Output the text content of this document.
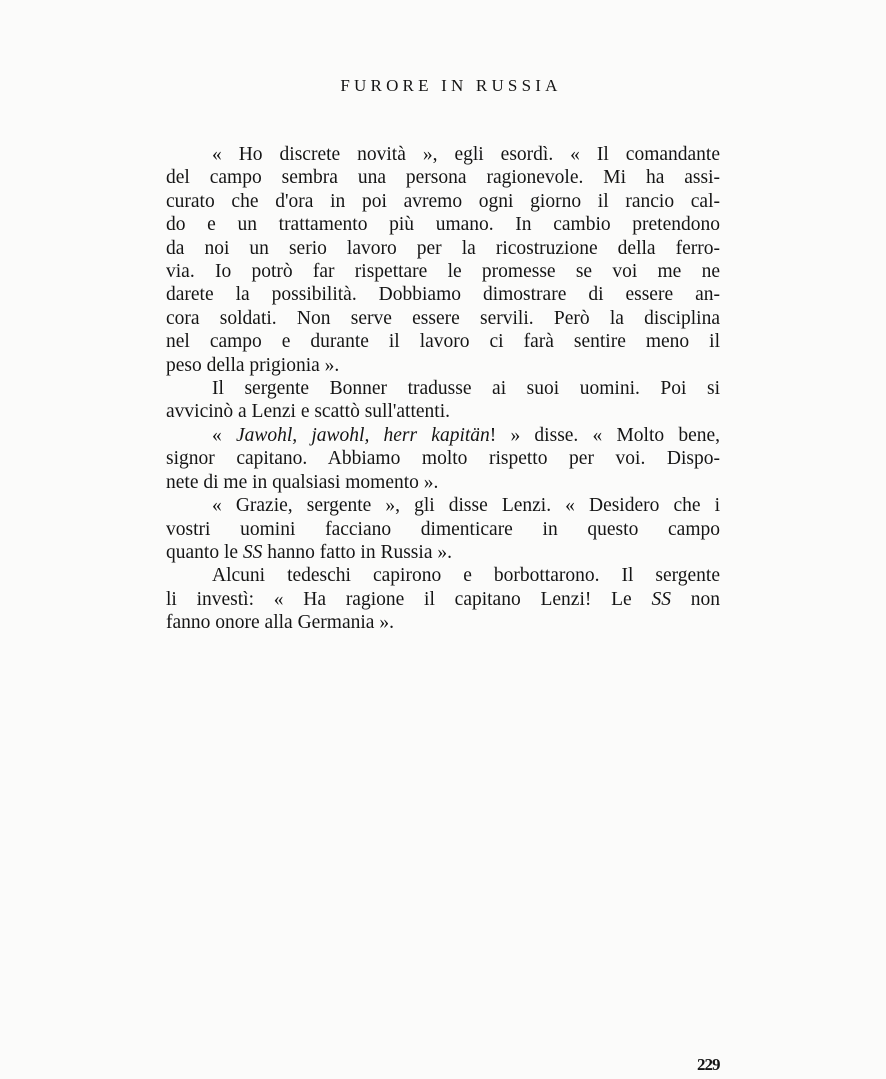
FURORE IN RUSSIA
« Ho discrete novità », egli esordì. « Il comandante
del campo sembra una persona ragionevole. Mi ha assi-
curato che d'ora in poi avremo ogni giorno il rancio cal-
do e un trattamento più umano. In cambio pretendono
da noi un serio lavoro per la ricostruzione della ferro-
via. Io potrò far rispettare le promesse se voi me ne
darete la possibilità. Dobbiamo dimostrare di essere an-
cora soldati. Non serve essere servili. Però la disciplina
nel campo e durante il lavoro ci farà sentire meno il
peso della prigionia ».
Il sergente Bonner tradusse ai suoi uomini. Poi si
avvicinò a Lenzi e scattò sull'attenti.
« Jawohl, jawohl, herr kapitän! » disse. « Molto bene,
signor capitano. Abbiamo molto rispetto per voi. Dispo-
nete di me in qualsiasi momento ».
« Grazie, sergente », gli disse Lenzi. « Desidero che i
vostri uomini facciano dimenticare in questo campo
quanto le SS hanno fatto in Russia ».
Alcuni tedeschi capirono e borbottarono. Il sergente
li investì: « Ha ragione il capitano Lenzi! Le SS non
fanno onore alla Germania ».
229
